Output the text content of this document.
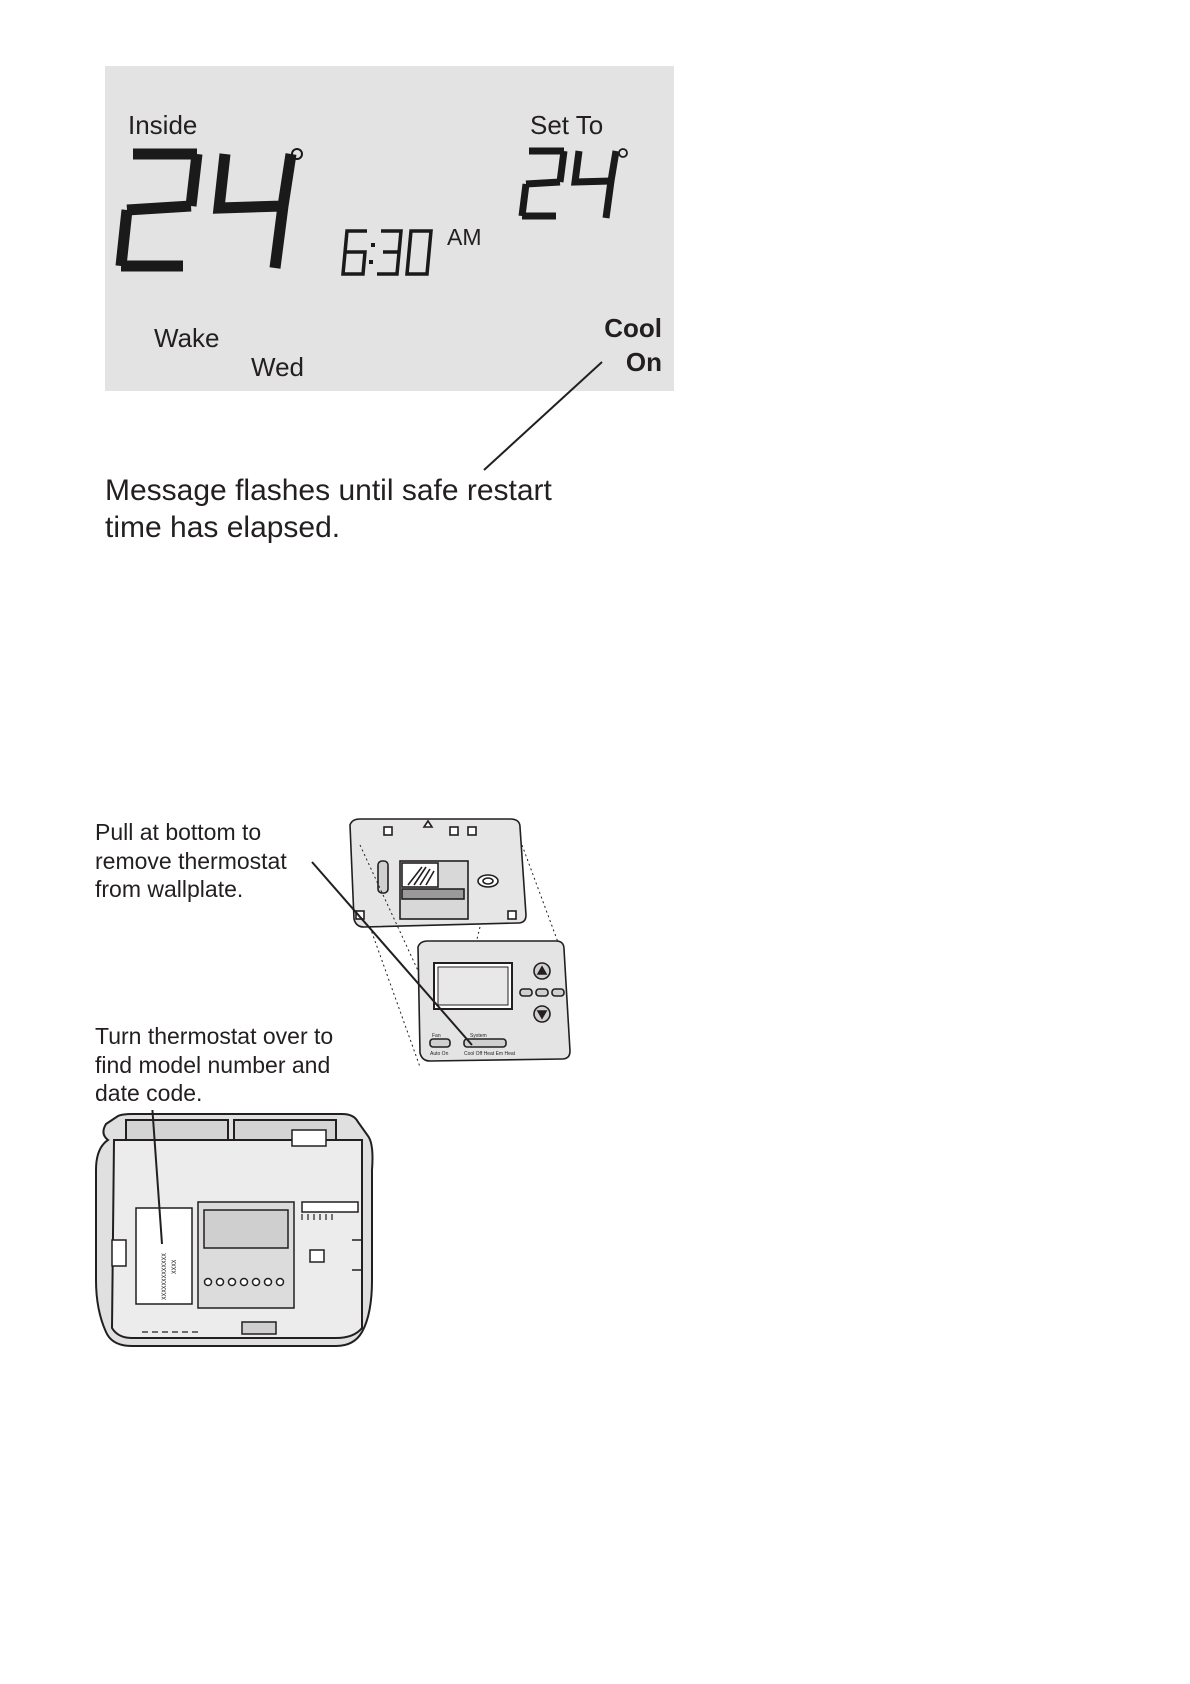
Inside	Set To
Wake
Wed
AM
Cool
On
Message flashes until safe restart
time has elapsed.
Pull at bottom to
remove thermostat
from wallplate.
Turn thermostat over to
find model number and
date code.
Fan
Auto On
System
Cool Off Heat Em Heat
XXXXXXXXXXXXX XXXX
